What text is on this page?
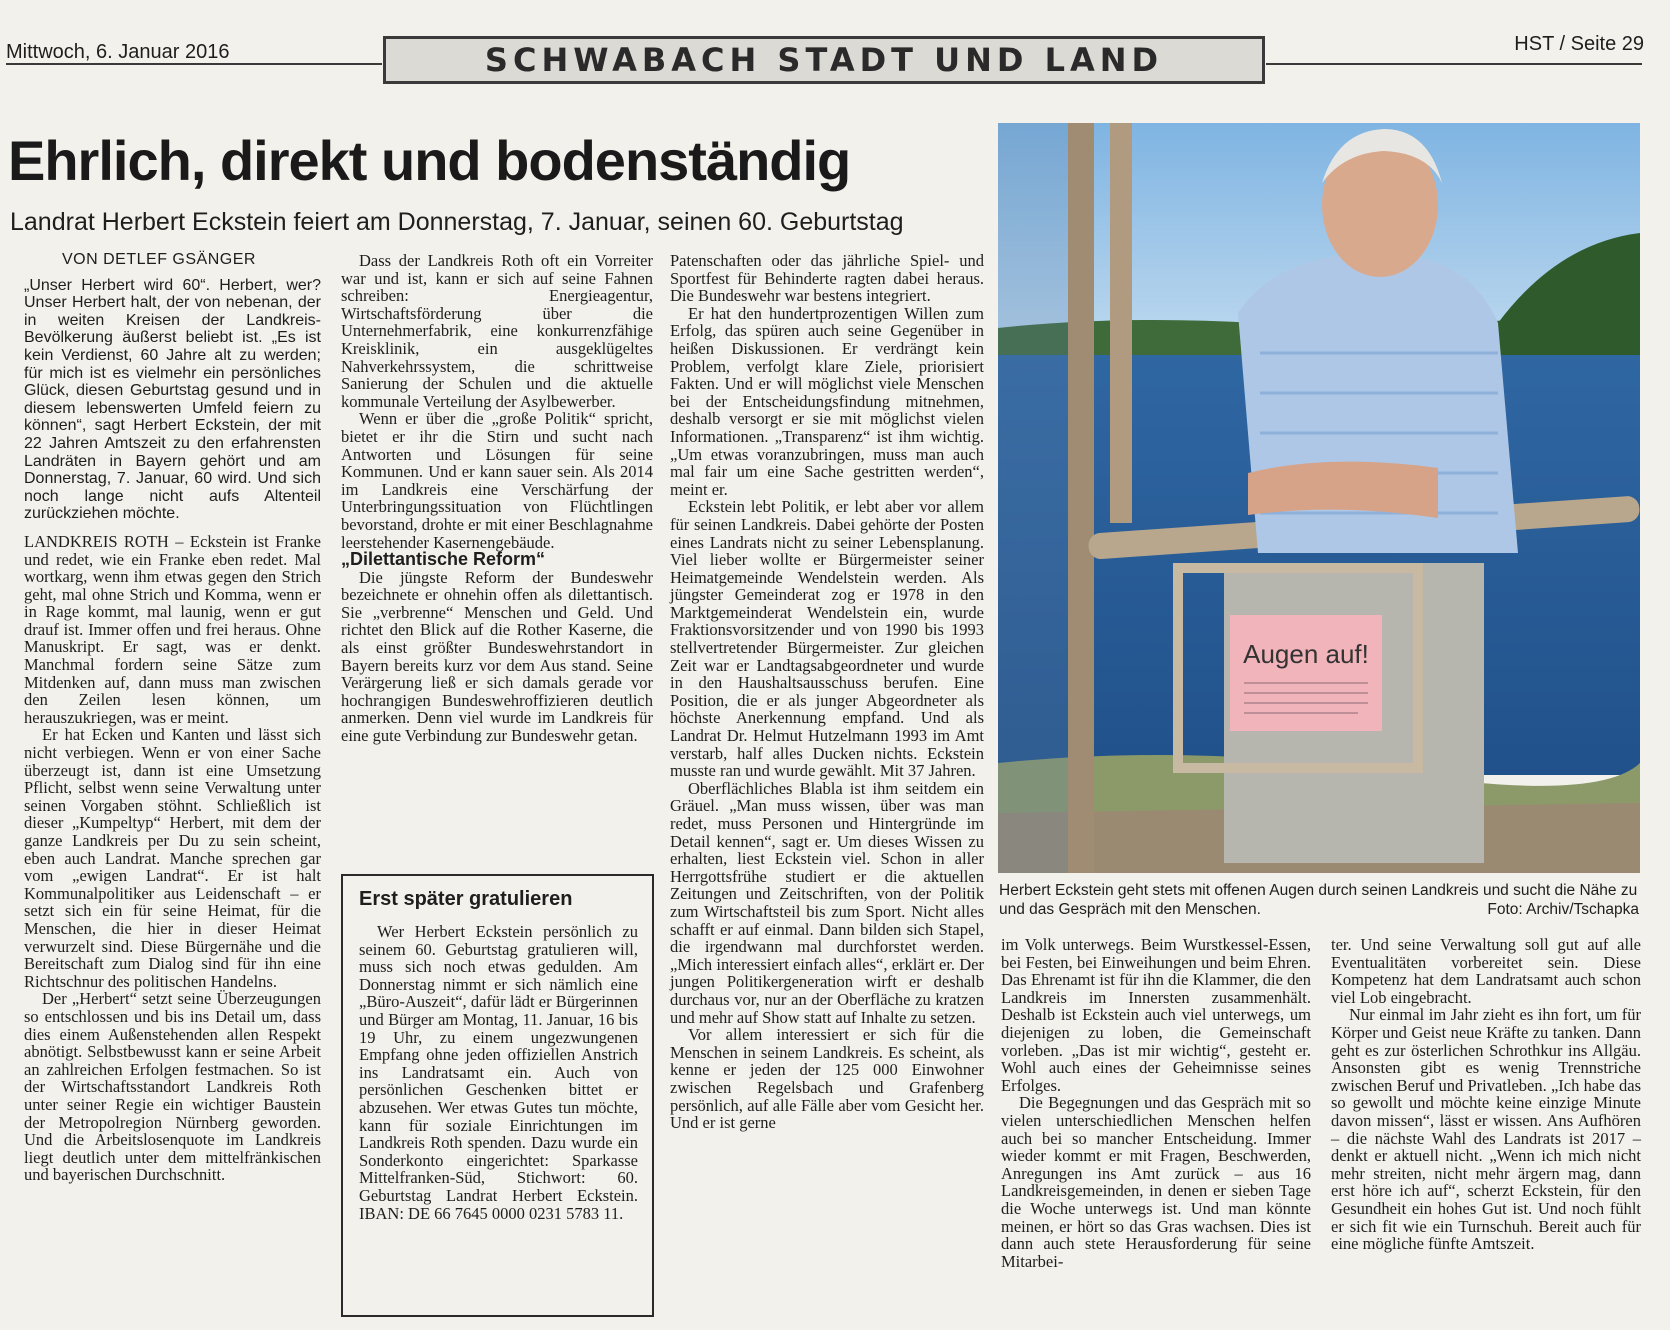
Mittwoch, 6. Januar 2016	SCHWABACH STADT UND LAND	HST / Seite 29
Ehrlich, direkt und bodenständig
Landrat Herbert Eckstein feiert am Donnerstag, 7. Januar, seinen 60. Geburtstag

VON DETLEF GSÄNGER

„Unser Herbert wird 60“. Herbert, wer? Unser Herbert halt, der von nebenan, der in weiten Kreisen der Landkreis-Bevölkerung äußerst beliebt ist. „Es ist kein Verdienst, 60 Jahre alt zu werden; für mich ist es vielmehr ein persönliches Glück, diesen Geburtstag gesund und in diesem lebenswerten Umfeld feiern zu können“, sagt Herbert Eckstein, der mit 22 Jahren Amtszeit zu den erfahrensten Landräten in Bayern gehört und am Donnerstag, 7. Januar, 60 wird. Und sich noch lange nicht aufs Altenteil zurückziehen möchte.

LANDKREIS ROTH – Eckstein ist Franke und redet, wie ein Franke eben redet. Mal wortkarg, wenn ihm etwas gegen den Strich geht, mal ohne Strich und Komma, wenn er in Rage kommt, mal launig, wenn er gut drauf ist. Immer offen und frei heraus. Ohne Manuskript. Er sagt, was er denkt. Manchmal fordern seine Sätze zum Mitdenken auf, dann muss man zwischen den Zeilen lesen können, um herauszukriegen, was er meint.

Er hat Ecken und Kanten und lässt sich nicht verbiegen. Wenn er von einer Sache überzeugt ist, dann ist eine Umsetzung Pflicht, selbst wenn seine Verwaltung unter seinen Vorgaben stöhnt. Schließlich ist dieser „Kumpeltyp“ Herbert, mit dem der ganze Landkreis per Du zu sein scheint, eben auch Landrat. Manche sprechen gar vom „ewigen Landrat“. Er ist halt Kommunalpolitiker aus Leidenschaft – er setzt sich ein für seine Heimat, für die Menschen, die hier in dieser Heimat verwurzelt sind. Diese Bürgernähe und die Bereitschaft zum Dialog sind für ihn eine Richtschnur des politischen Handelns.

Der „Herbert“ setzt seine Überzeugungen so entschlossen und bis ins Detail um, dass dies einem Außenstehenden allen Respekt abnötigt. Selbstbewusst kann er seine Arbeit an zahlreichen Erfolgen festmachen. So ist der Wirtschaftsstandort Landkreis Roth unter seiner Regie ein wichtiger Baustein der Metropolregion Nürnberg geworden. Und die Arbeitslosenquote im Landkreis liegt deutlich unter dem mittelfränkischen und bayerischen Durchschnitt.

Dass der Landkreis Roth oft ein Vorreiter war und ist, kann er sich auf seine Fahnen schreiben: Energieagentur, Wirtschaftsförderung über die Unternehmerfabrik, eine konkurrenzfähige Kreisklinik, ein ausgeklügeltes Nahverkehrssystem, die schrittweise Sanierung der Schulen und die aktuelle kommunale Verteilung der Asylbewerber.

Wenn er über die „große Politik“ spricht, bietet er ihr die Stirn und sucht nach Antworten und Lösungen für seine Kommunen. Und er kann sauer sein. Als 2014 im Landkreis eine Verschärfung der Unterbringungssituation von Flüchtlingen bevorstand, drohte er mit einer Beschlagnahme leerstehender Kasernengebäude.

„Dilettantische Reform“

Die jüngste Reform der Bundeswehr bezeichnete er ohnehin offen als dilettantisch. Sie „verbrenne“ Menschen und Geld. Und richtet den Blick auf die Rother Kaserne, die als einst größter Bundeswehrstandort in Bayern bereits kurz vor dem Aus stand. Seine Verärgerung ließ er sich damals gerade vor hochrangigen Bundeswehroffizieren deutlich anmerken. Denn viel wurde im Landkreis für eine gute Verbindung zur Bundeswehr getan.

Erst später gratulieren

Wer Herbert Eckstein persönlich zu seinem 60. Geburtstag gratulieren will, muss sich noch etwas gedulden. Am Donnerstag nimmt er sich nämlich eine „Büro-Auszeit“, dafür lädt er Bürgerinnen und Bürger am Montag, 11. Januar, 16 bis 19 Uhr, zu einem ungezwungenen Empfang ohne jeden offiziellen Anstrich ins Landratsamt ein. Auch von persönlichen Geschenken bittet er abzusehen. Wer etwas Gutes tun möchte, kann für soziale Einrichtungen im Landkreis Roth spenden. Dazu wurde ein Sonderkonto eingerichtet: Sparkasse Mittelfranken-Süd, Stichwort: 60. Geburtstag Landrat Herbert Eckstein. IBAN: DE 66 7645 0000 0231 5783 11.

Patenschaften oder das jährliche Spiel- und Sportfest für Behinderte ragten dabei heraus. Die Bundeswehr war bestens integriert.

Er hat den hundertprozentigen Willen zum Erfolg, das spüren auch seine Gegenüber in heißen Diskussionen. Er verdrängt kein Problem, verfolgt klare Ziele, priorisiert Fakten. Und er will möglichst viele Menschen bei der Entscheidungsfindung mitnehmen, deshalb versorgt er sie mit möglichst vielen Informationen. „Transparenz“ ist ihm wichtig. „Um etwas voranzubringen, muss man auch mal fair um eine Sache gestritten werden“, meint er.

Eckstein lebt Politik, er lebt aber vor allem für seinen Landkreis. Dabei gehörte der Posten eines Landrats nicht zu seiner Lebensplanung. Viel lieber wollte er Bürgermeister seiner Heimatgemeinde Wendelstein werden. Als jüngster Gemeinderat zog er 1978 in den Marktgemeinderat Wendelstein ein, wurde Fraktionsvorsitzender und von 1990 bis 1993 stellvertretender Bürgermeister. Zur gleichen Zeit war er Landtagsabgeordneter und wurde in den Haushaltsausschuss berufen. Eine Position, die er als junger Abgeordneter als höchste Anerkennung empfand. Und als Landrat Dr. Helmut Hutzelmann 1993 im Amt verstarb, half alles Ducken nichts. Eckstein musste ran und wurde gewählt. Mit 37 Jahren.

Oberflächliches Blabla ist ihm seitdem ein Gräuel. „Man muss wissen, über was man redet, muss Personen und Hintergründe im Detail kennen“, sagt er. Um dieses Wissen zu erhalten, liest Eckstein viel. Schon in aller Herrgottsfrühe studiert er die aktuellen Zeitungen und Zeitschriften, von der Politik zum Wirtschaftsteil bis zum Sport. Nicht alles schafft er auf einmal. Dann bilden sich Stapel, die irgendwann mal durchforstet werden. „Mich interessiert einfach alles“, erklärt er. Der jungen Politikergeneration wirft er deshalb durchaus vor, nur an der Oberfläche zu kratzen und mehr auf Show statt auf Inhalte zu setzen.

Vor allem interessiert er sich für die Menschen in seinem Landkreis. Es scheint, als kenne er jeden der 125 000 Einwohner zwischen Regelsbach und Grafenberg persönlich, auf alle Fälle aber vom Gesicht her. Und er ist gerne

Augen auf!
Herbert Eckstein geht stets mit offenen Augen durch seinen Landkreis und sucht die Nähe zu und das Gespräch mit den Menschen.	Foto: Archiv/Tschapka

im Volk unterwegs. Beim Wurstkessel-Essen, bei Festen, bei Einweihungen und beim Ehren. Das Ehrenamt ist für ihn die Klammer, die den Landkreis im Innersten zusammenhält. Deshalb ist Eckstein auch viel unterwegs, um diejenigen zu loben, die Gemeinschaft vorleben. „Das ist mir wichtig“, gesteht er. Wohl auch eines der Geheimnisse seines Erfolges.

Die Begegnungen und das Gespräch mit so vielen unterschiedlichen Menschen helfen auch bei so mancher Entscheidung. Immer wieder kommt er mit Fragen, Beschwerden, Anregungen ins Amt zurück – aus 16 Landkreisgemeinden, in denen er sieben Tage die Woche unterwegs ist. Und man könnte meinen, er hört so das Gras wachsen. Dies ist dann auch stete Herausforderung für seine Mitarbei-

ter. Und seine Verwaltung soll gut auf alle Eventualitäten vorbereitet sein. Diese Kompetenz hat dem Landratsamt auch schon viel Lob eingebracht.

Nur einmal im Jahr zieht es ihn fort, um für Körper und Geist neue Kräfte zu tanken. Dann geht es zur österlichen Schrothkur ins Allgäu. Ansonsten gibt es wenig Trennstriche zwischen Beruf und Privatleben. „Ich habe das so gewollt und möchte keine einzige Minute davon missen“, lässt er wissen. Ans Aufhören – die nächste Wahl des Landrats ist 2017 – denkt er aktuell nicht. „Wenn ich mich nicht mehr streiten, nicht mehr ärgern mag, dann erst höre ich auf“, scherzt Eckstein, für den Gesundheit ein hohes Gut ist. Und noch fühlt er sich fit wie ein Turnschuh. Bereit auch für eine mögliche fünfte Amtszeit.
